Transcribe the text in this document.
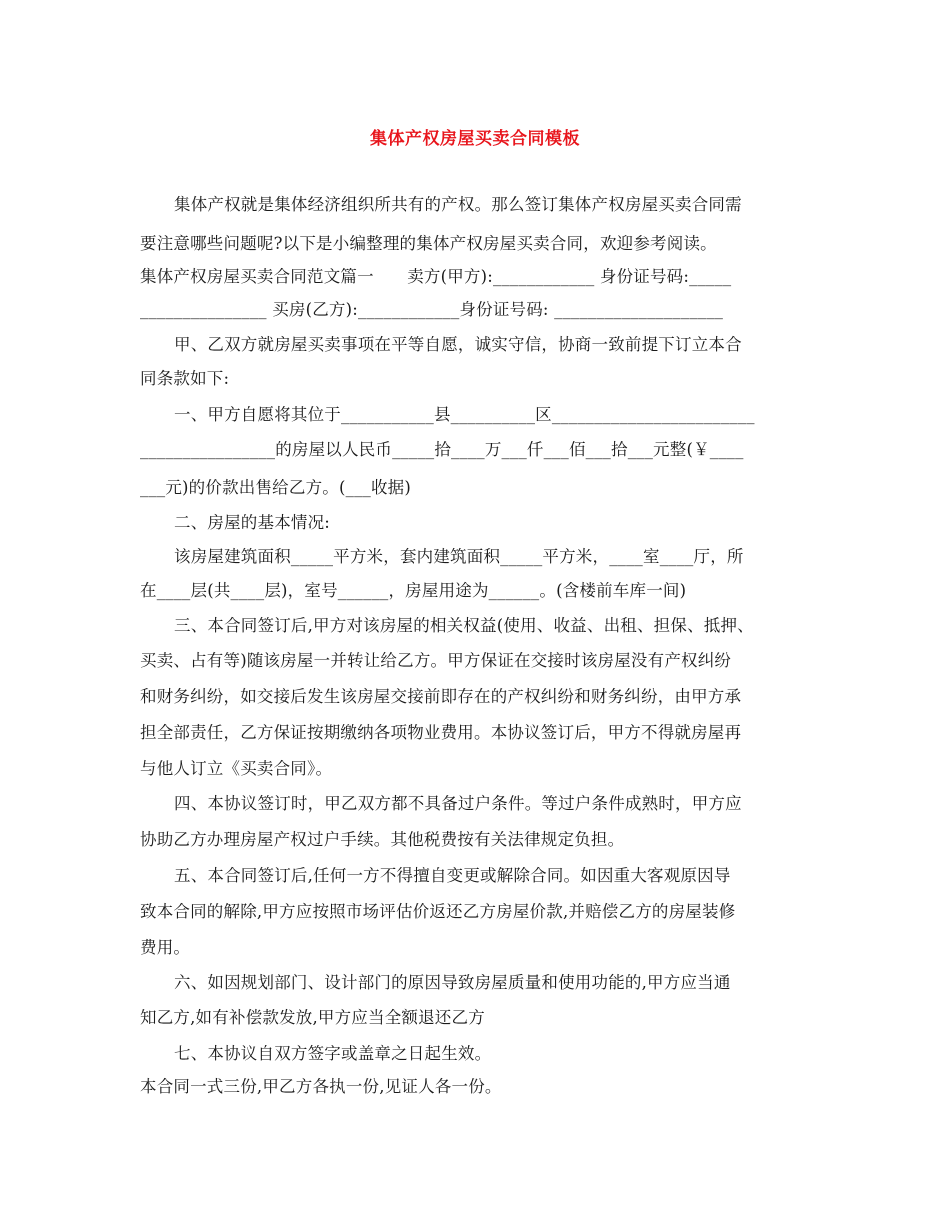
集体产权房屋买卖合同模板
集体产权就是集体经济组织所共有的产权。那么签订集体产权房屋买卖合同需
要注意哪些问题呢?以下是小编整理的集体产权房屋买卖合同，欢迎参考阅读。
集体产权房屋买卖合同范文篇一　　卖方(甲方):____________ 身份证号码:_____
_______________ 买房(乙方):____________身份证号码: ____________________
甲、乙双方就房屋买卖事项在平等自愿，诚实守信，协商一致前提下订立本合
同条款如下:
一、甲方自愿将其位于___________县__________区________________________
________________的房屋以人民币_____拾____万___仟___佰___拾___元整(￥____
___元)的价款出售给乙方。(___收据)
二、房屋的基本情况:
该房屋建筑面积_____平方米，套内建筑面积_____平方米，____室____厅，所
在____层(共____层)，室号______，房屋用途为______。(含楼前车库一间)
三、本合同签订后,甲方对该房屋的相关权益(使用、收益、出租、担保、抵押、
买卖、占有等)随该房屋一并转让给乙方。甲方保证在交接时该房屋没有产权纠纷
和财务纠纷，如交接后发生该房屋交接前即存在的产权纠纷和财务纠纷，由甲方承
担全部责任，乙方保证按期缴纳各项物业费用。本协议签订后，甲方不得就房屋再
与他人订立《买卖合同》。
四、本协议签订时，甲乙双方都不具备过户条件。等过户条件成熟时，甲方应
协助乙方办理房屋产权过户手续。其他税费按有关法律规定负担。
五、本合同签订后,任何一方不得擅自变更或解除合同。如因重大客观原因导
致本合同的解除,甲方应按照市场评估价返还乙方房屋价款,并赔偿乙方的房屋装修
费用。
六、如因规划部门、设计部门的原因导致房屋质量和使用功能的,甲方应当通
知乙方,如有补偿款发放,甲方应当全额退还乙方
七、本协议自双方签字或盖章之日起生效。
本合同一式三份,甲乙方各执一份,见证人各一份。
